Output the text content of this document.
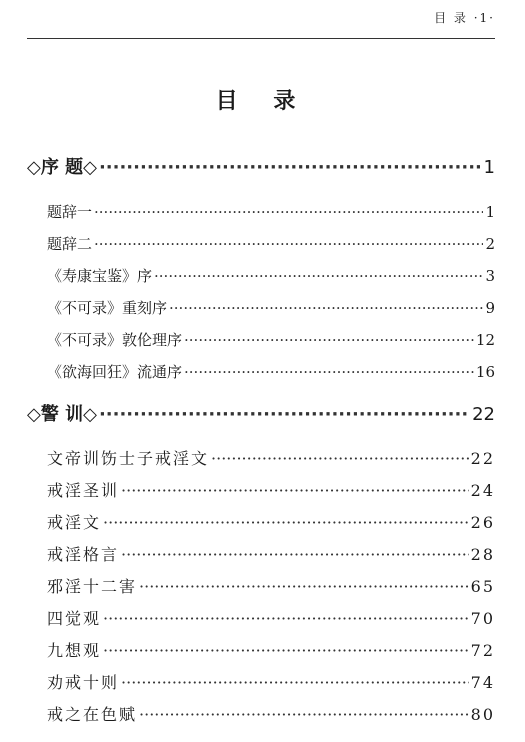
目 录 ·1·
目 录
◇序 题◇ ·····	1
题辞一 ·····	1
题辞二 ·····	2
《寿康宝鉴》序 ·····	3
《不可录》重刻序 ·····	9
《不可录》敦伦理序 ·····	12
《欲海回狂》流通序 ·····	16
◇警 训◇ ·····	22
文帝训饬士子戒淫文 ·····	22
戒淫圣训 ·····	24
戒淫文 ·····	26
戒淫格言 ·····	28
邪淫十二害 ·····	65
四觉观 ·····	70
九想观 ·····	72
劝戒十则 ·····	74
戒之在色赋 ·····	80
